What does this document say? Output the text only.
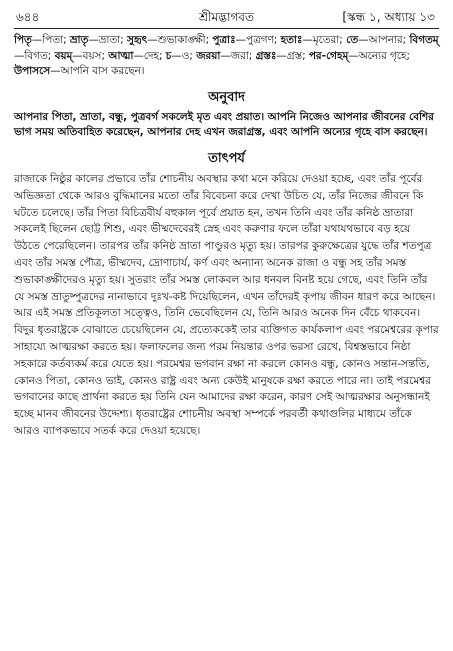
৬৪৪	শ্রীমদ্ভাগবত	[স্কন্ধ ১, অধ্যায় ১৩

পিতৃ—পিতা; ভ্রাতৃ—ভ্রাতা; সুহৃৎ—শুভাকাঙ্ক্ষী; পুত্রাঃ—পুত্রগণ; হতাঃ—মৃতেরা; তে—আপনার; বিগতম্—বিগত; বয়ম্—বয়স; আত্মা—দেহ; চ—ও; জরয়া—জরা; গ্রস্তঃ—গ্রস্ত; পর-গেহম্—অন্যের গৃহে; উপাসসে—আপনি বাস করছেন।

অনুবাদ

আপনার পিতা, ভ্রাতা, বন্ধু, পুত্রবর্গ সকলেই মৃত এবং প্রয়াত। আপনি নিজেও আপনার জীবনের বেশির ভাগ সময় অতিবাহিত করেছেন, আপনার দেহ এখন জরাগ্রস্ত, এবং আপনি অন্যের গৃহে বাস করছেন।

তাৎপর্য

রাজাকে নিষ্ঠুর কালের প্রভাবে তাঁর শোচনীয় অবস্থার কথা মনে করিয়ে দেওয়া হচ্ছে, এবং তাঁর পূর্বের অভিজ্ঞতা থেকে আরও বুদ্ধিমানের মতো তাঁর বিবেচনা করে দেখা উচিত যে, তাঁর নিজের জীবনে কি ঘটতে চলেছে। তাঁর পিতা বিচিত্রবীর্য বহুকাল পূর্বে প্রয়াত হন, তখন তিনি এবং তাঁর কনিষ্ঠ ভ্রাতারা সকলেই ছিলেন ছোট্ট শিশু, এবং ভীষ্মদেবেরই স্নেহ এবং করুণার ফলে তাঁরা যথাযথভাবে বড় হয়ে উঠতে পেরেছিলেন। তারপর তাঁর কনিষ্ঠ ভ্রাতা পাণ্ডুরও মৃত্যু হয়। তারপর কুরুক্ষেত্রের যুদ্ধে তাঁর শতপুত্র এবং তাঁর সমস্ত পৌত্র, ভীষ্মদেব, দ্রোণাচার্য, কর্ণ এবং অন্যান্য অনেক রাজা ও বন্ধু সহ তাঁর সমস্ত শুভাকাঙ্ক্ষীদেরও মৃত্যু হয়। সুতরাং তাঁর সমস্ত লোকবল আর ধনবল বিনষ্ট হয়ে গেছে, এবং তিনি তাঁর যে সমস্ত ভ্রাতুষ্পুত্রদের নানাভাবে দুঃখ-কষ্ট দিয়েছিলেন, এখন তাঁদেরই কৃপায় জীবন ধারণ করে আছেন। আর এই সমস্ত প্রতিকূলতা সত্ত্বেও, তিনি ভেবেছিলেন যে, তিনি আরও অনেক দিন বেঁচে থাকবেন। বিদুর ধৃতরাষ্ট্রকে বোঝাতে চেয়েছিলেন যে, প্রত্যেককেই তার ব্যক্তিগত কার্যকলাপ এবং পরমেশ্বরের কৃপার সাহায্যে আত্মরক্ষা করতে হয়। ফলাফলের জন্য পরম নিয়ন্তার ওপর ভরসা রেখে, বিশ্বস্তভাবে নিষ্ঠা সহকারে কর্তব্যকর্ম করে যেতে হয়। পরমেশ্বর ভগবান রক্ষা না করলে কোনও বন্ধু, কোনও সন্তান-সন্ততি, কোনও পিতা, কোনও ভাই, কোনও রাষ্ট্র এবং অন্য কেউই মানুষকে রক্ষা করতে পারে না। তাই পরমেশ্বর ভগবানের কাছে প্রার্থনা করতে হয় তিনি যেন আমাদের রক্ষা করেন, কারণ সেই আত্মরক্ষার অনুসন্ধানই হচ্ছে মানব জীবনের উদ্দেশ্য। ধৃতরাষ্ট্রের শোচনীয় অবস্থা সম্পর্কে পরবর্তী কথাগুলির মাধ্যমে তাঁকে আরও ব্যাপকভাবে সতর্ক করে দেওয়া হয়েছে।
